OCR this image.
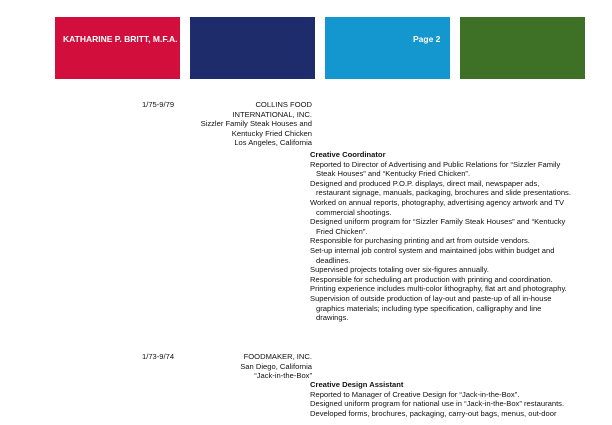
KATHARINE P. BRITT, M.F.A.	Page 2
1/75-9/79	COLLINS FOOD
INTERNATIONAL, INC.
Sizzler Family Steak Houses and
Kentucky Fried Chicken
Los Angeles, California

Creative Coordinator

Reported to Director of Advertising and Public Relations for “Sizzler Family Steak Houses” and “Kentucky Fried Chicken”.

Designed and produced P.O.P. displays, direct mail, newspaper ads, restaurant signage, manuals, packaging, brochures and slide presentations.

Worked on annual reports, photography, advertising agency artwork and TV commercial shootings.

Designed uniform program for “Sizzler Family Steak Houses” and “Kentucky Fried Chicken”.

Responsible for purchasing printing and art from outside vendors.

Set-up internal job control system and maintained jobs within budget and deadlines.

Supervised projects totaling over six-figures annually.

Responsible for scheduling art production with printing and coordination.

Printing experience includes multi-color lithography, flat art and photography.

Supervision of outside production of lay-out and paste-up of all in-house graphics materials; including type specification, calligraphy and line drawings.

1/73-9/74	FOODMAKER, INC.
San Diego, California
“Jack-in-the-Box”

Creative Design Assistant

Reported to Manager of Creative Design for “Jack-in-the-Box”.

Designed uniform program for national use in “Jack-in-the-Box” restaurants.

Developed forms, brochures, packaging, carry-out bags, menus, out-door
